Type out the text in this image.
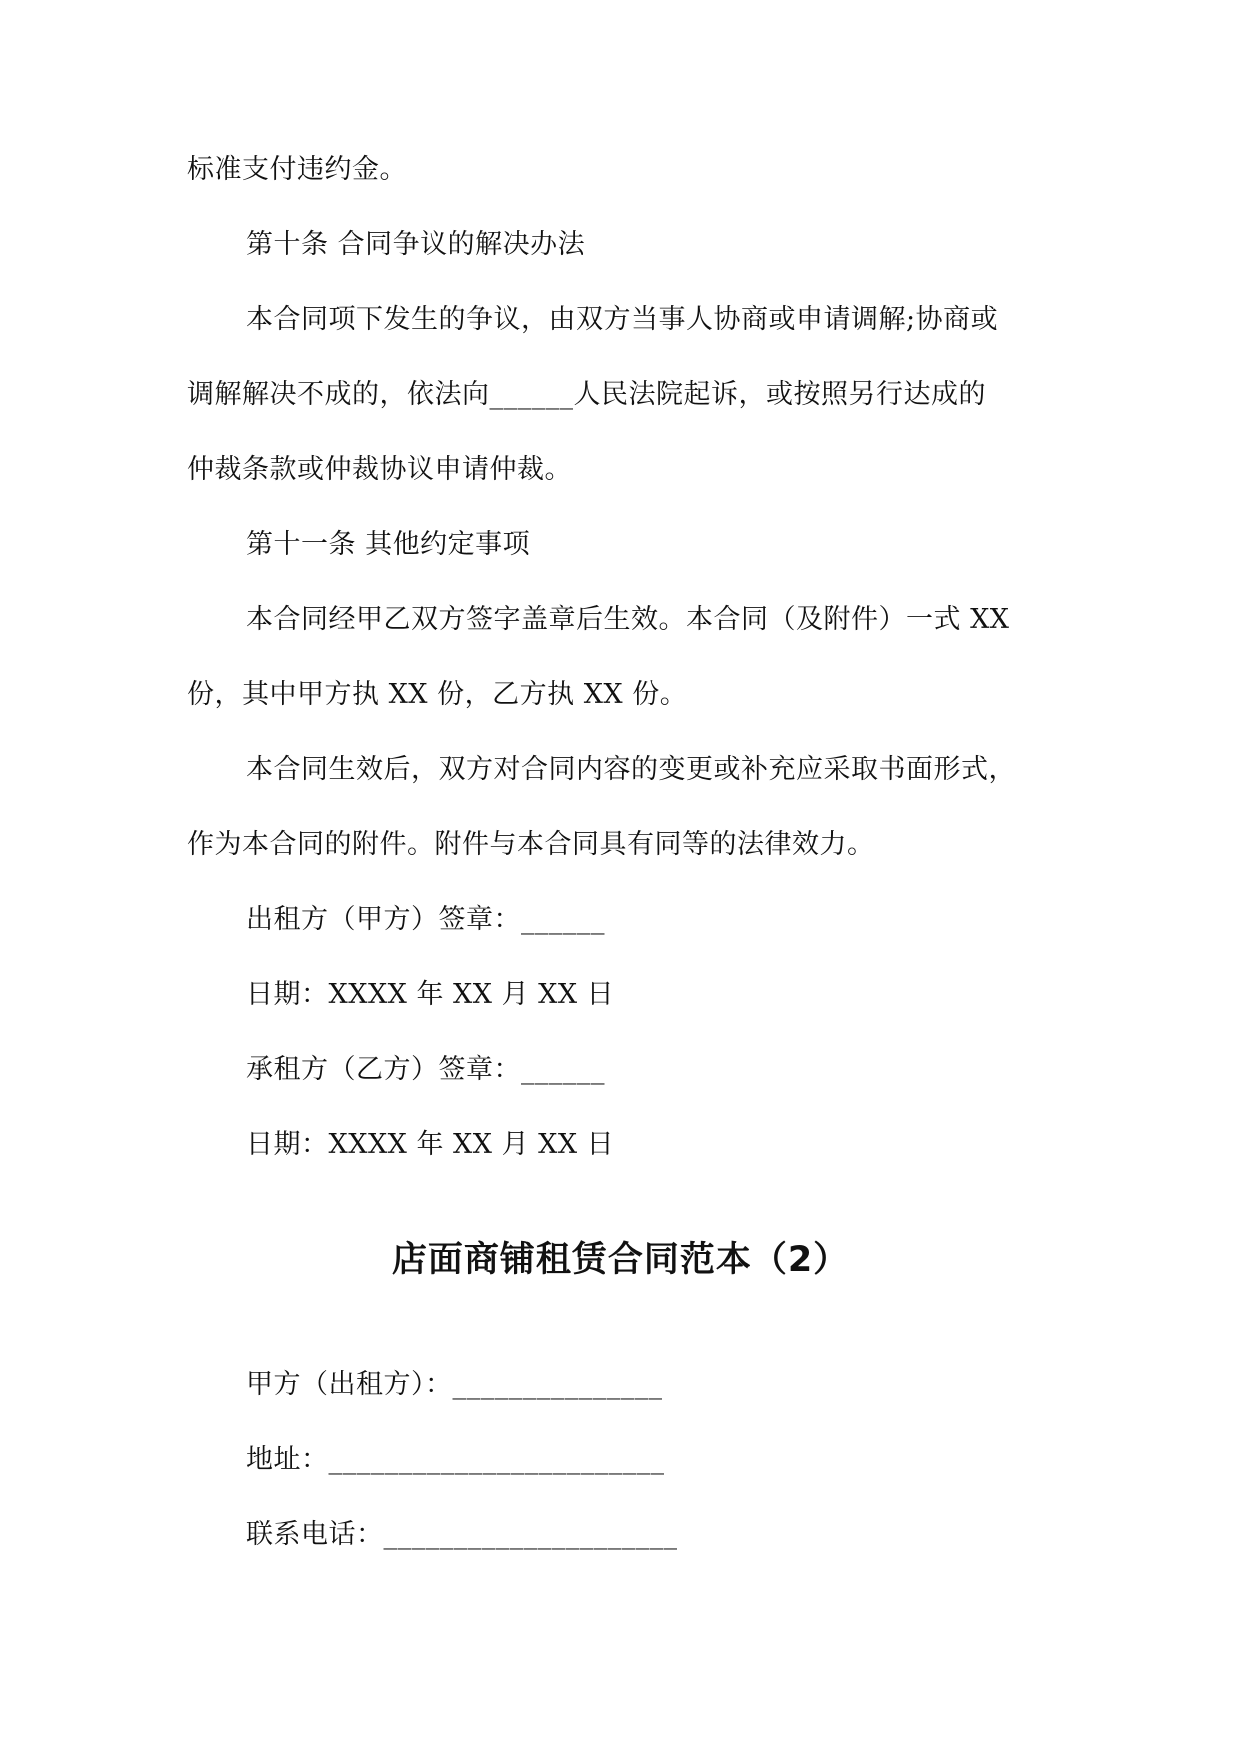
标准支付违约金。
第十条 合同争议的解决办法
本合同项下发生的争议，由双方当事人协商或申请调解;协商或
调解解决不成的，依法向______人民法院起诉，或按照另行达成的
仲裁条款或仲裁协议申请仲裁。
第十一条 其他约定事项
本合同经甲乙双方签字盖章后生效。本合同（及附件）一式 XX
份，其中甲方执 XX 份，乙方执 XX 份。
本合同生效后，双方对合同内容的变更或补充应采取书面形式，
作为本合同的附件。附件与本合同具有同等的法律效力。
出租方（甲方）签章：______
日期：XXXX 年 XX 月 XX 日
承租方（乙方）签章：______
日期：XXXX 年 XX 月 XX 日
店面商铺租赁合同范本（2）
甲方（出租方）：_______________
地址：________________________
联系电话：_____________________
